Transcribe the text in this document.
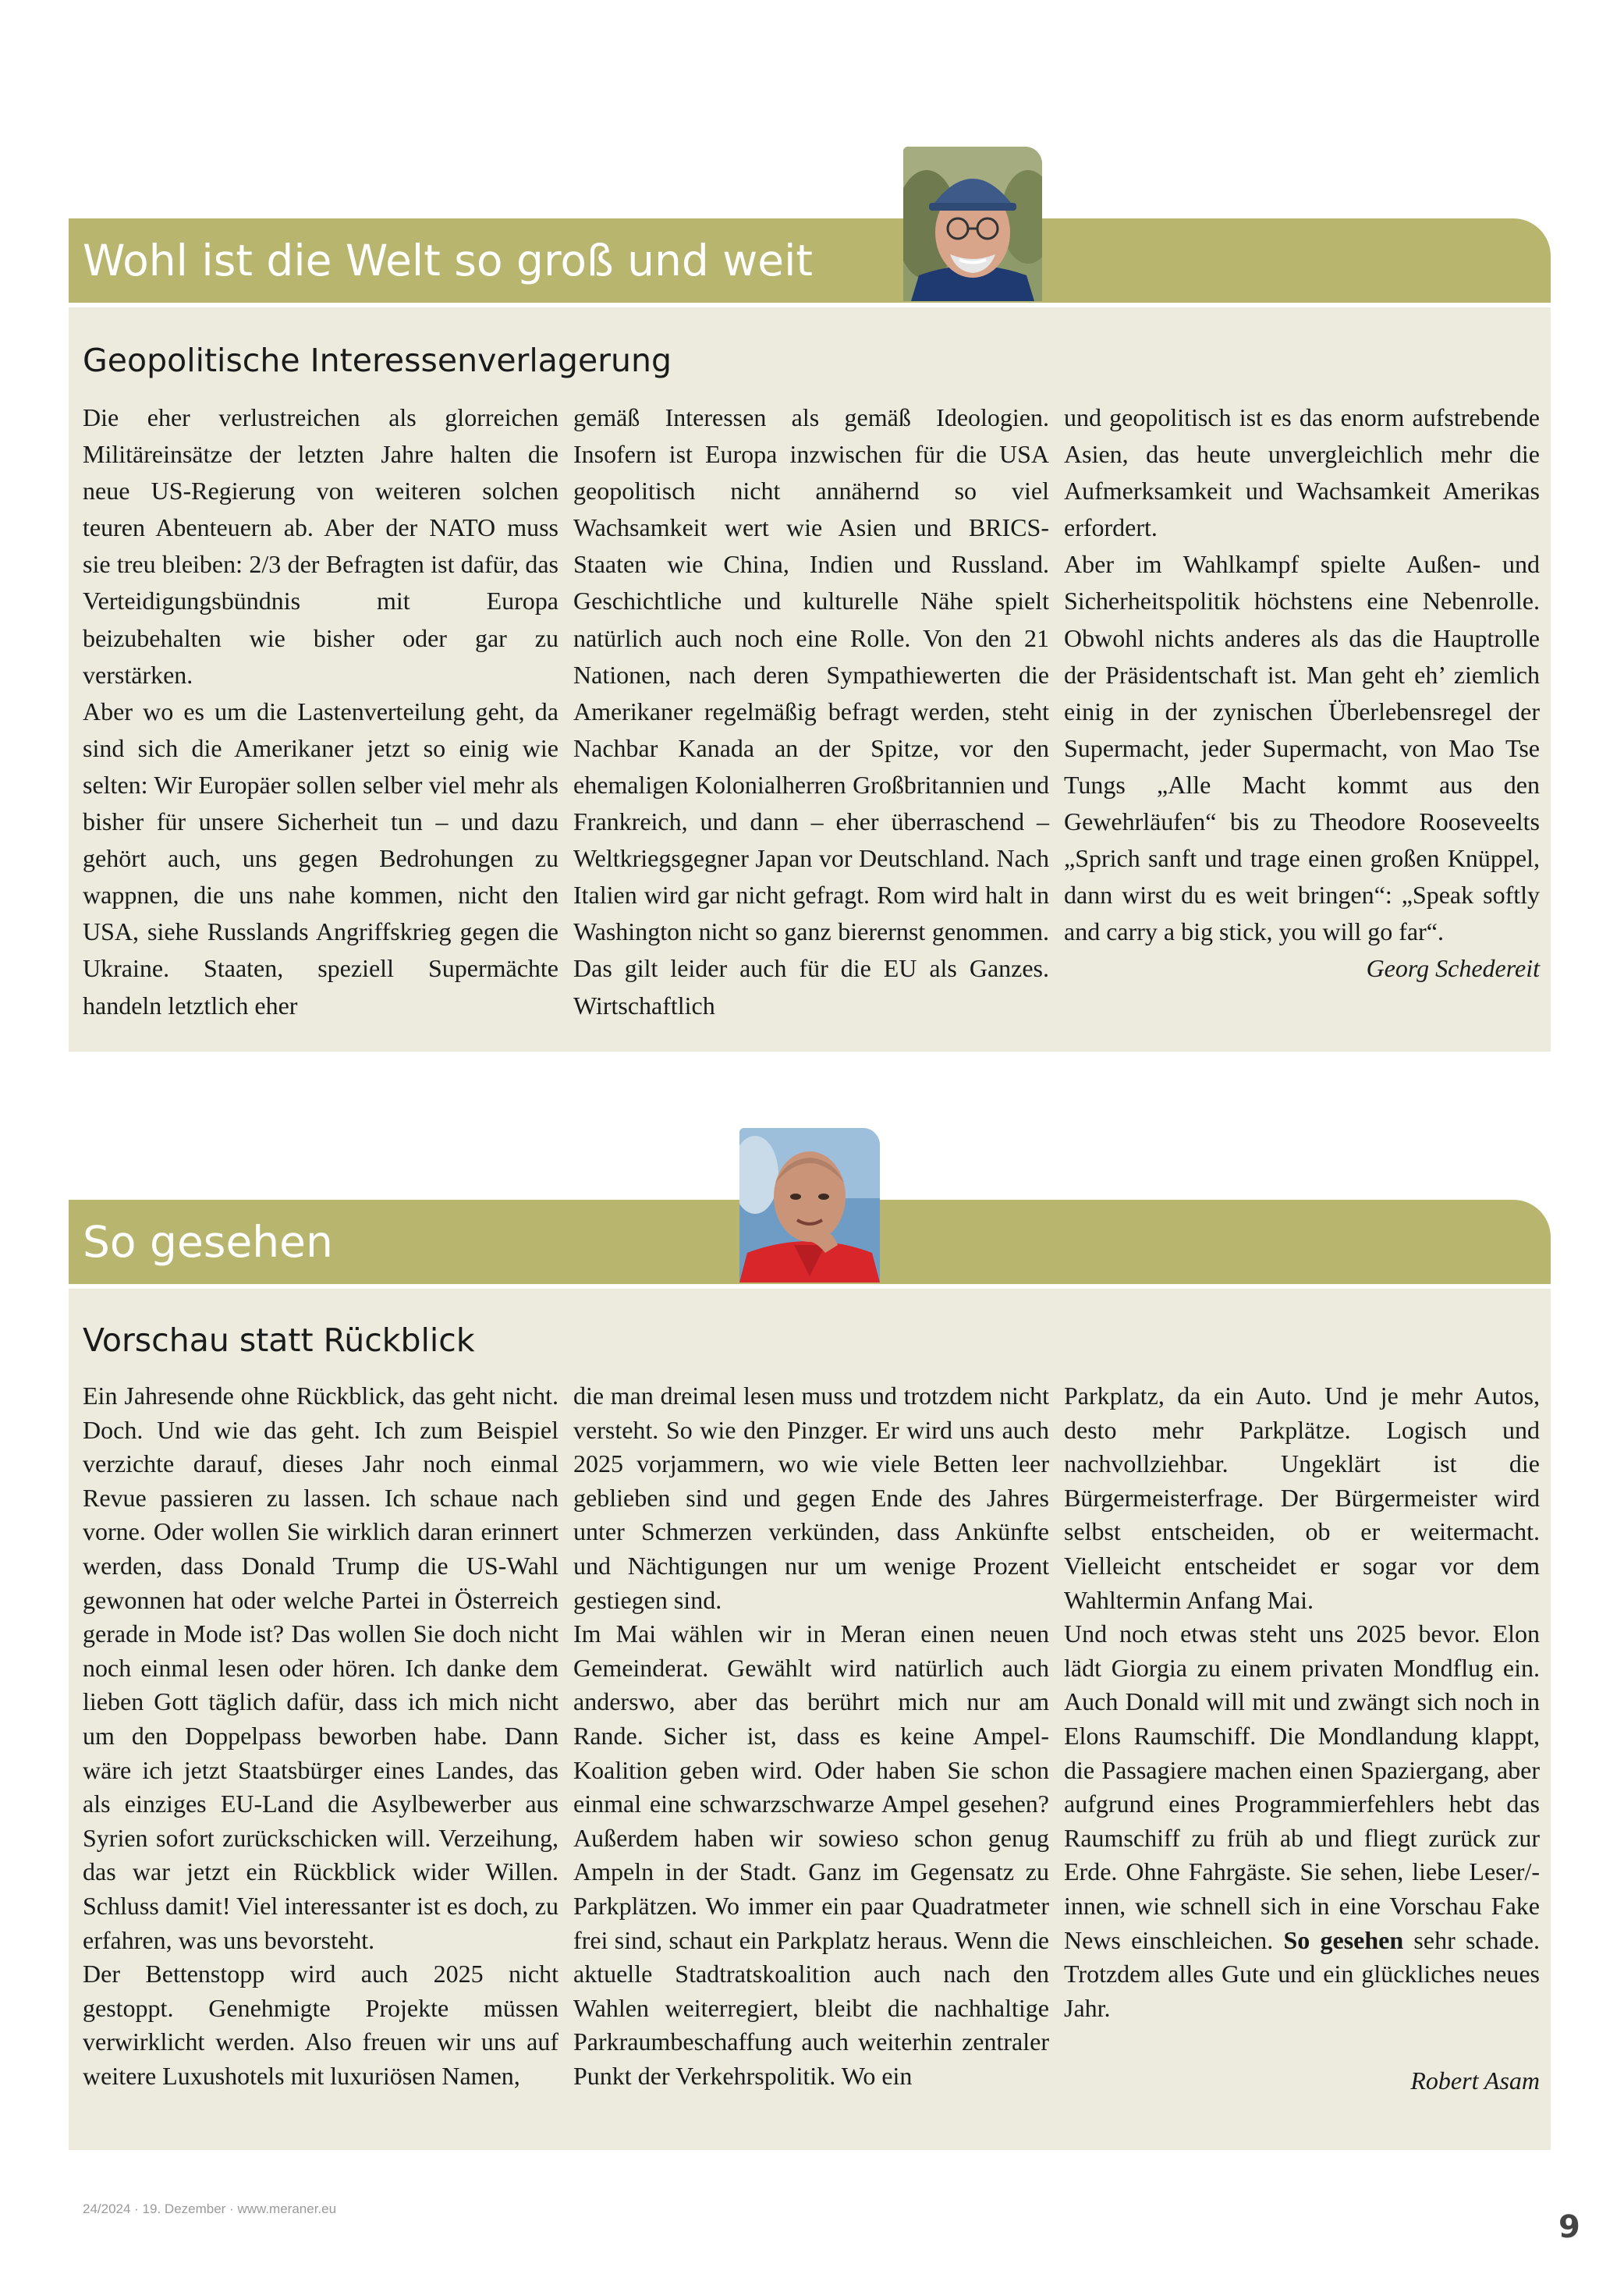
Wohl ist die Welt so groß und weit
Geopolitische Interessenverlagerung

Die eher verlustreichen als glorreichen Militäreinsätze der letzten Jahre halten die neue US-Regierung von weiteren solchen teuren Abenteuern ab. Aber der NATO muss sie treu bleiben: 2/3 der Befragten ist dafür, das Verteidigungsbündnis mit Europa beizubehalten wie bisher oder gar zu verstärken.

Aber wo es um die Lastenverteilung geht, da sind sich die Amerikaner jetzt so einig wie selten: Wir Europäer sollen selber viel mehr als bisher für unsere Sicherheit tun – und dazu gehört auch, uns gegen Bedrohungen zu wappnen, die uns nahe kommen, nicht den USA, siehe Russlands Angriffskrieg gegen die Ukraine. Staaten, speziell Supermächte handeln letztlich eher

gemäß Interessen als gemäß Ideologien. Insofern ist Europa inzwischen für die USA geopolitisch nicht annähernd so viel Wachsamkeit wert wie Asien und BRICS-Staaten wie China, Indien und Russland. Geschichtliche und kulturelle Nähe spielt natürlich auch noch eine Rolle. Von den 21 Nationen, nach deren Sympathiewerten die Amerikaner regelmäßig befragt werden, steht Nachbar Kanada an der Spitze, vor den ehemaligen Kolonialherren Großbritannien und Frankreich, und dann – eher überraschend – Weltkriegsgegner Japan vor Deutschland. Nach Italien wird gar nicht gefragt. Rom wird halt in Washington nicht so ganz bierernst genommen. Das gilt leider auch für die EU als Ganzes. Wirtschaftlich

und geopolitisch ist es das enorm aufstrebende Asien, das heute unvergleichlich mehr die Aufmerksamkeit und Wachsamkeit Amerikas erfordert.

Aber im Wahlkampf spielte Außen- und Sicherheitspolitik höchstens eine Nebenrolle. Obwohl nichts anderes als das die Hauptrolle der Präsidentschaft ist. Man geht eh’ ziemlich einig in der zynischen Überlebensregel der Supermacht, jeder Supermacht, von Mao Tse Tungs „Alle Macht kommt aus den Gewehrläufen“ bis zu Theodore Rooseveelts „Sprich sanft und trage einen großen Knüppel, dann wirst du es weit bringen“: „Speak softly and carry a big stick, you will go far“.

Georg Schedereit
So gesehen
Vorschau statt Rückblick

Ein Jahresende ohne Rückblick, das geht nicht. Doch. Und wie das geht. Ich zum Beispiel verzichte darauf, dieses Jahr noch einmal Revue passieren zu lassen. Ich schaue nach vorne. Oder wollen Sie wirklich daran erinnert werden, dass Donald Trump die US-Wahl gewonnen hat oder welche Partei in Österreich gerade in Mode ist? Das wollen Sie doch nicht noch einmal lesen oder hören. Ich danke dem lieben Gott täglich dafür, dass ich mich nicht um den Doppelpass beworben habe. Dann wäre ich jetzt Staatsbürger eines Landes, das als einziges EU-Land die Asylbewerber aus Syrien sofort zurückschicken will. Verzeihung, das war jetzt ein Rückblick wider Willen. Schluss damit! Viel interessanter ist es doch, zu erfahren, was uns bevorsteht.

Der Bettenstopp wird auch 2025 nicht gestoppt. Genehmigte Projekte müssen verwirklicht werden. Also freuen wir uns auf weitere Luxushotels mit luxuriösen Namen,

die man dreimal lesen muss und trotzdem nicht versteht. So wie den Pinzger. Er wird uns auch 2025 vorjammern, wo wie viele Betten leer geblieben sind und gegen Ende des Jahres unter Schmerzen verkünden, dass Ankünfte und Nächtigungen nur um wenige Prozent gestiegen sind.

Im Mai wählen wir in Meran einen neuen Gemeinderat. Gewählt wird natürlich auch anderswo, aber das berührt mich nur am Rande. Sicher ist, dass es keine Ampel-Koalition geben wird. Oder haben Sie schon einmal eine schwarzschwarze Ampel gesehen? Außerdem haben wir sowieso schon genug Ampeln in der Stadt. Ganz im Gegensatz zu Parkplätzen. Wo immer ein paar Quadratmeter frei sind, schaut ein Parkplatz heraus. Wenn die aktuelle Stadtratskoalition auch nach den Wahlen weiterregiert, bleibt die nachhaltige Parkraumbeschaffung auch weiterhin zentraler Punkt der Verkehrspolitik. Wo ein

Parkplatz, da ein Auto. Und je mehr Autos, desto mehr Parkplätze. Logisch und nachvollziehbar. Ungeklärt ist die Bürgermeisterfrage. Der Bürgermeister wird selbst entscheiden, ob er weitermacht. Vielleicht entscheidet er sogar vor dem Wahltermin Anfang Mai.

Und noch etwas steht uns 2025 bevor. Elon lädt Giorgia zu einem privaten Mondflug ein. Auch Donald will mit und zwängt sich noch in Elons Raumschiff. Die Mondlandung klappt, die Passagiere machen einen Spaziergang, aber aufgrund eines Programmierfehlers hebt das Raumschiff zu früh ab und fliegt zurück zur Erde. Ohne Fahrgäste. Sie sehen, liebe Leser/-innen, wie schnell sich in eine Vorschau Fake News einschleichen. So gesehen sehr schade. Trotzdem alles Gute und ein glückliches neues Jahr.

Robert Asam
24/2024 · 19. Dezember · www.meraner.eu
9
